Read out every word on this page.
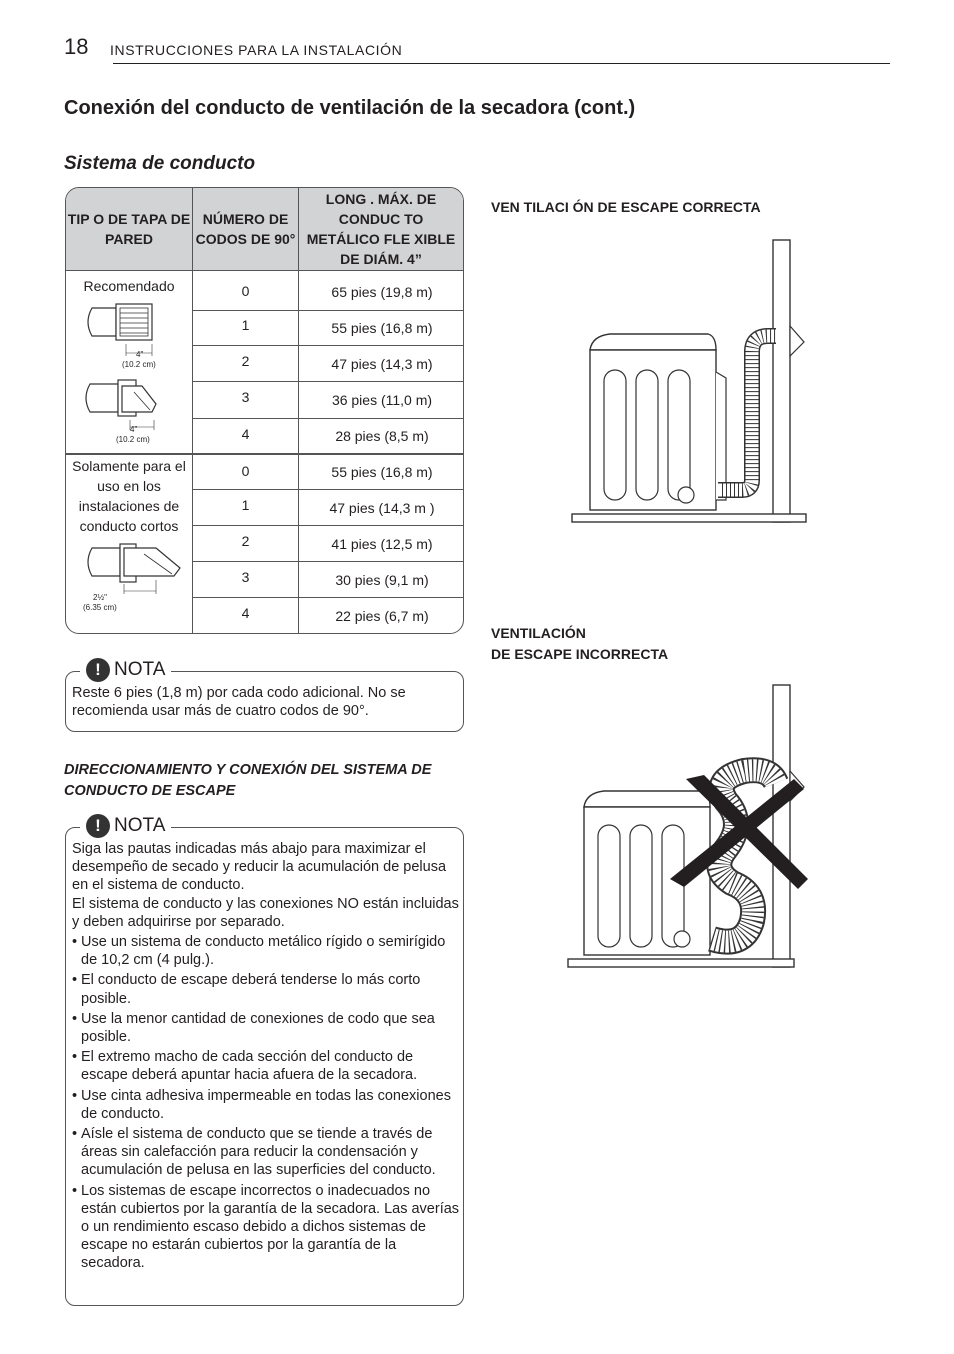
18 INSTRUCCIONES PARA LA INSTALACIÓN
Conexión del conducto de ventilación de la secadora (cont.)
Sistema de conducto
TIP O DE TAPA DE PARED
NÚMERO DE CODOS DE 90°
LONG . MÁX. DE CONDUC TO METÁLICO FLE XIBLE DE DIÁM. 4”
Recomendado
4"
(10.2 cm)
4"
(10.2 cm)
0	65 pies (19,8 m)
1	55 pies (16,8 m)
2	47 pies (14,3 m)
3	36 pies (11,0 m)
4	28 pies (8,5 m)
Solamente para el uso en los instalaciones de conducto cortos
2½"
(6.35 cm)
0	55 pies (16,8 m)
1	47 pies (14,3 m )
2	41 pies (12,5 m)
3	30 pies (9,1 m)
4	22 pies (6,7 m)
! NOTA
Reste 6 pies (1,8 m) por cada codo adicional. No se recomienda usar más de cuatro codos de 90°.
DIRECCIONAMIENTO Y CONEXIÓN DEL SISTEMA DE CONDUCTO DE ESCAPE
! NOTA
Siga las pautas indicadas más abajo para maximizar el desempeño de secado y reducir la acumulación de pelusa en el sistema de conducto.
El sistema de conducto y las conexiones NO están incluidas y deben adquirirse por separado.
• Use un sistema de conducto metálico rígido o semirígido de 10,2 cm (4 pulg.).
• El conducto de escape deberá tenderse lo más corto posible.
• Use la menor cantidad de conexiones de codo que sea posible.
• El extremo macho de cada sección del conducto de escape deberá apuntar hacia afuera de la secadora.
• Use cinta adhesiva impermeable en todas las conexiones de conducto.
• Aísle el sistema de conducto que se tiende a través de áreas sin calefacción para reducir la condensación y acumulación de pelusa en las superficies del conducto.
• Los sistemas de escape incorrectos o inadecuados no están cubiertos por la garantía de la secadora. Las averías o un rendimiento escaso debido a dichos sistemas de escape no estarán cubiertos por la garantía de la secadora.
VEN TILACI ÓN DE ESCAPE CORRECTA
VENTILACIÓN
DE ESCAPE INCORRECTA
